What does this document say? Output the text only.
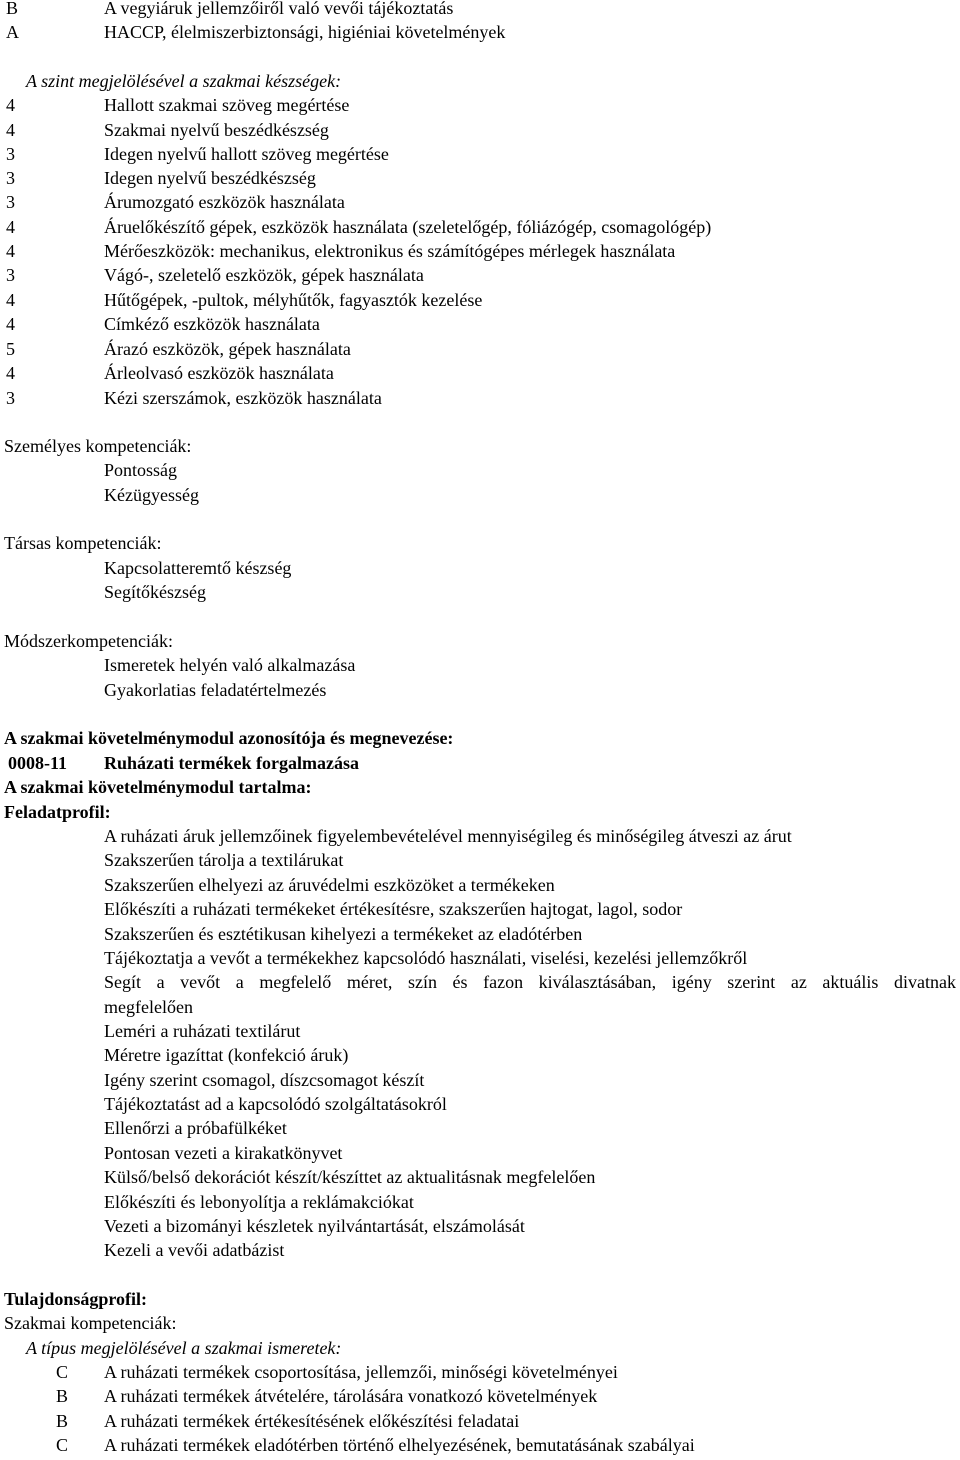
B	A vegyiáruk jellemzőiről való vevői tájékoztatás
A	HACCP, élelmiszerbiztonsági, higiéniai követelmények
A szint megjelölésével a szakmai készségek:
4	Hallott szakmai szöveg megértése
4	Szakmai nyelvű beszédkészség
3	Idegen nyelvű hallott szöveg megértése
3	Idegen nyelvű beszédkészség
3	Árumozgató eszközök használata
4	Áruelőkészítő gépek, eszközök használata (szeletelőgép, fóliázógép, csomagológép)
4	Mérőeszközök: mechanikus, elektronikus és számítógépes mérlegek használata
3	Vágó-, szeletelő eszközök, gépek használata
4	Hűtőgépek, -pultok, mélyhűtők, fagyasztók kezelése
4	Címkéző eszközök használata
5	Árazó eszközök, gépek használata
4	Árleolvasó eszközök használata
3	Kézi szerszámok, eszközök használata
Személyes kompetenciák:
Pontosság
Kézügyesség
Társas kompetenciák:
Kapcsolatteremtő készség
Segítőkészség
Módszerkompetenciák:
Ismeretek helyén való alkalmazása
Gyakorlatias feladatértelmezés
A szakmai követelménymodul azonosítója és megnevezése:
0008-11 Ruházati termékek forgalmazása
A szakmai követelménymodul tartalma:
Feladatprofil:
A ruházati áruk jellemzőinek figyelembevételével mennyiségileg és minőségileg átveszi az árut
Szakszerűen tárolja a textilárukat
Szakszerűen elhelyezi az áruvédelmi eszközöket a termékeken
Előkészíti a ruházati termékeket értékesítésre, szakszerűen hajtogat, lagol, sodor
Szakszerűen és esztétikusan kihelyezi a termékeket az eladótérben
Tájékoztatja a vevőt a termékekhez kapcsolódó használati, viselési, kezelési jellemzőkről
Segít a vevőt a megfelelő méret, szín és fazon kiválasztásában, igény szerint az aktuális divatnak
megfelelően
Leméri a ruházati textilárut
Méretre igazíttat (konfekció áruk)
Igény szerint csomagol, díszcsomagot készít
Tájékoztatást ad a kapcsolódó szolgáltatásokról
Ellenőrzi a próbafülkéket
Pontosan vezeti a kirakatkönyvet
Külső/belső dekorációt készít/készíttet az aktualitásnak megfelelően
Előkészíti és lebonyolítja a reklámakciókat
Vezeti a bizományi készletek nyilvántartását, elszámolását
Kezeli a vevői adatbázist
Tulajdonságprofil:
Szakmai kompetenciák:
A típus megjelölésével a szakmai ismeretek:
C	A ruházati termékek csoportosítása, jellemzői, minőségi követelményei
B	A ruházati termékek átvételére, tárolására vonatkozó követelmények
B	A ruházati termékek értékesítésének előkészítési feladatai
C	A ruházati termékek eladótérben történő elhelyezésének, bemutatásának szabályai
